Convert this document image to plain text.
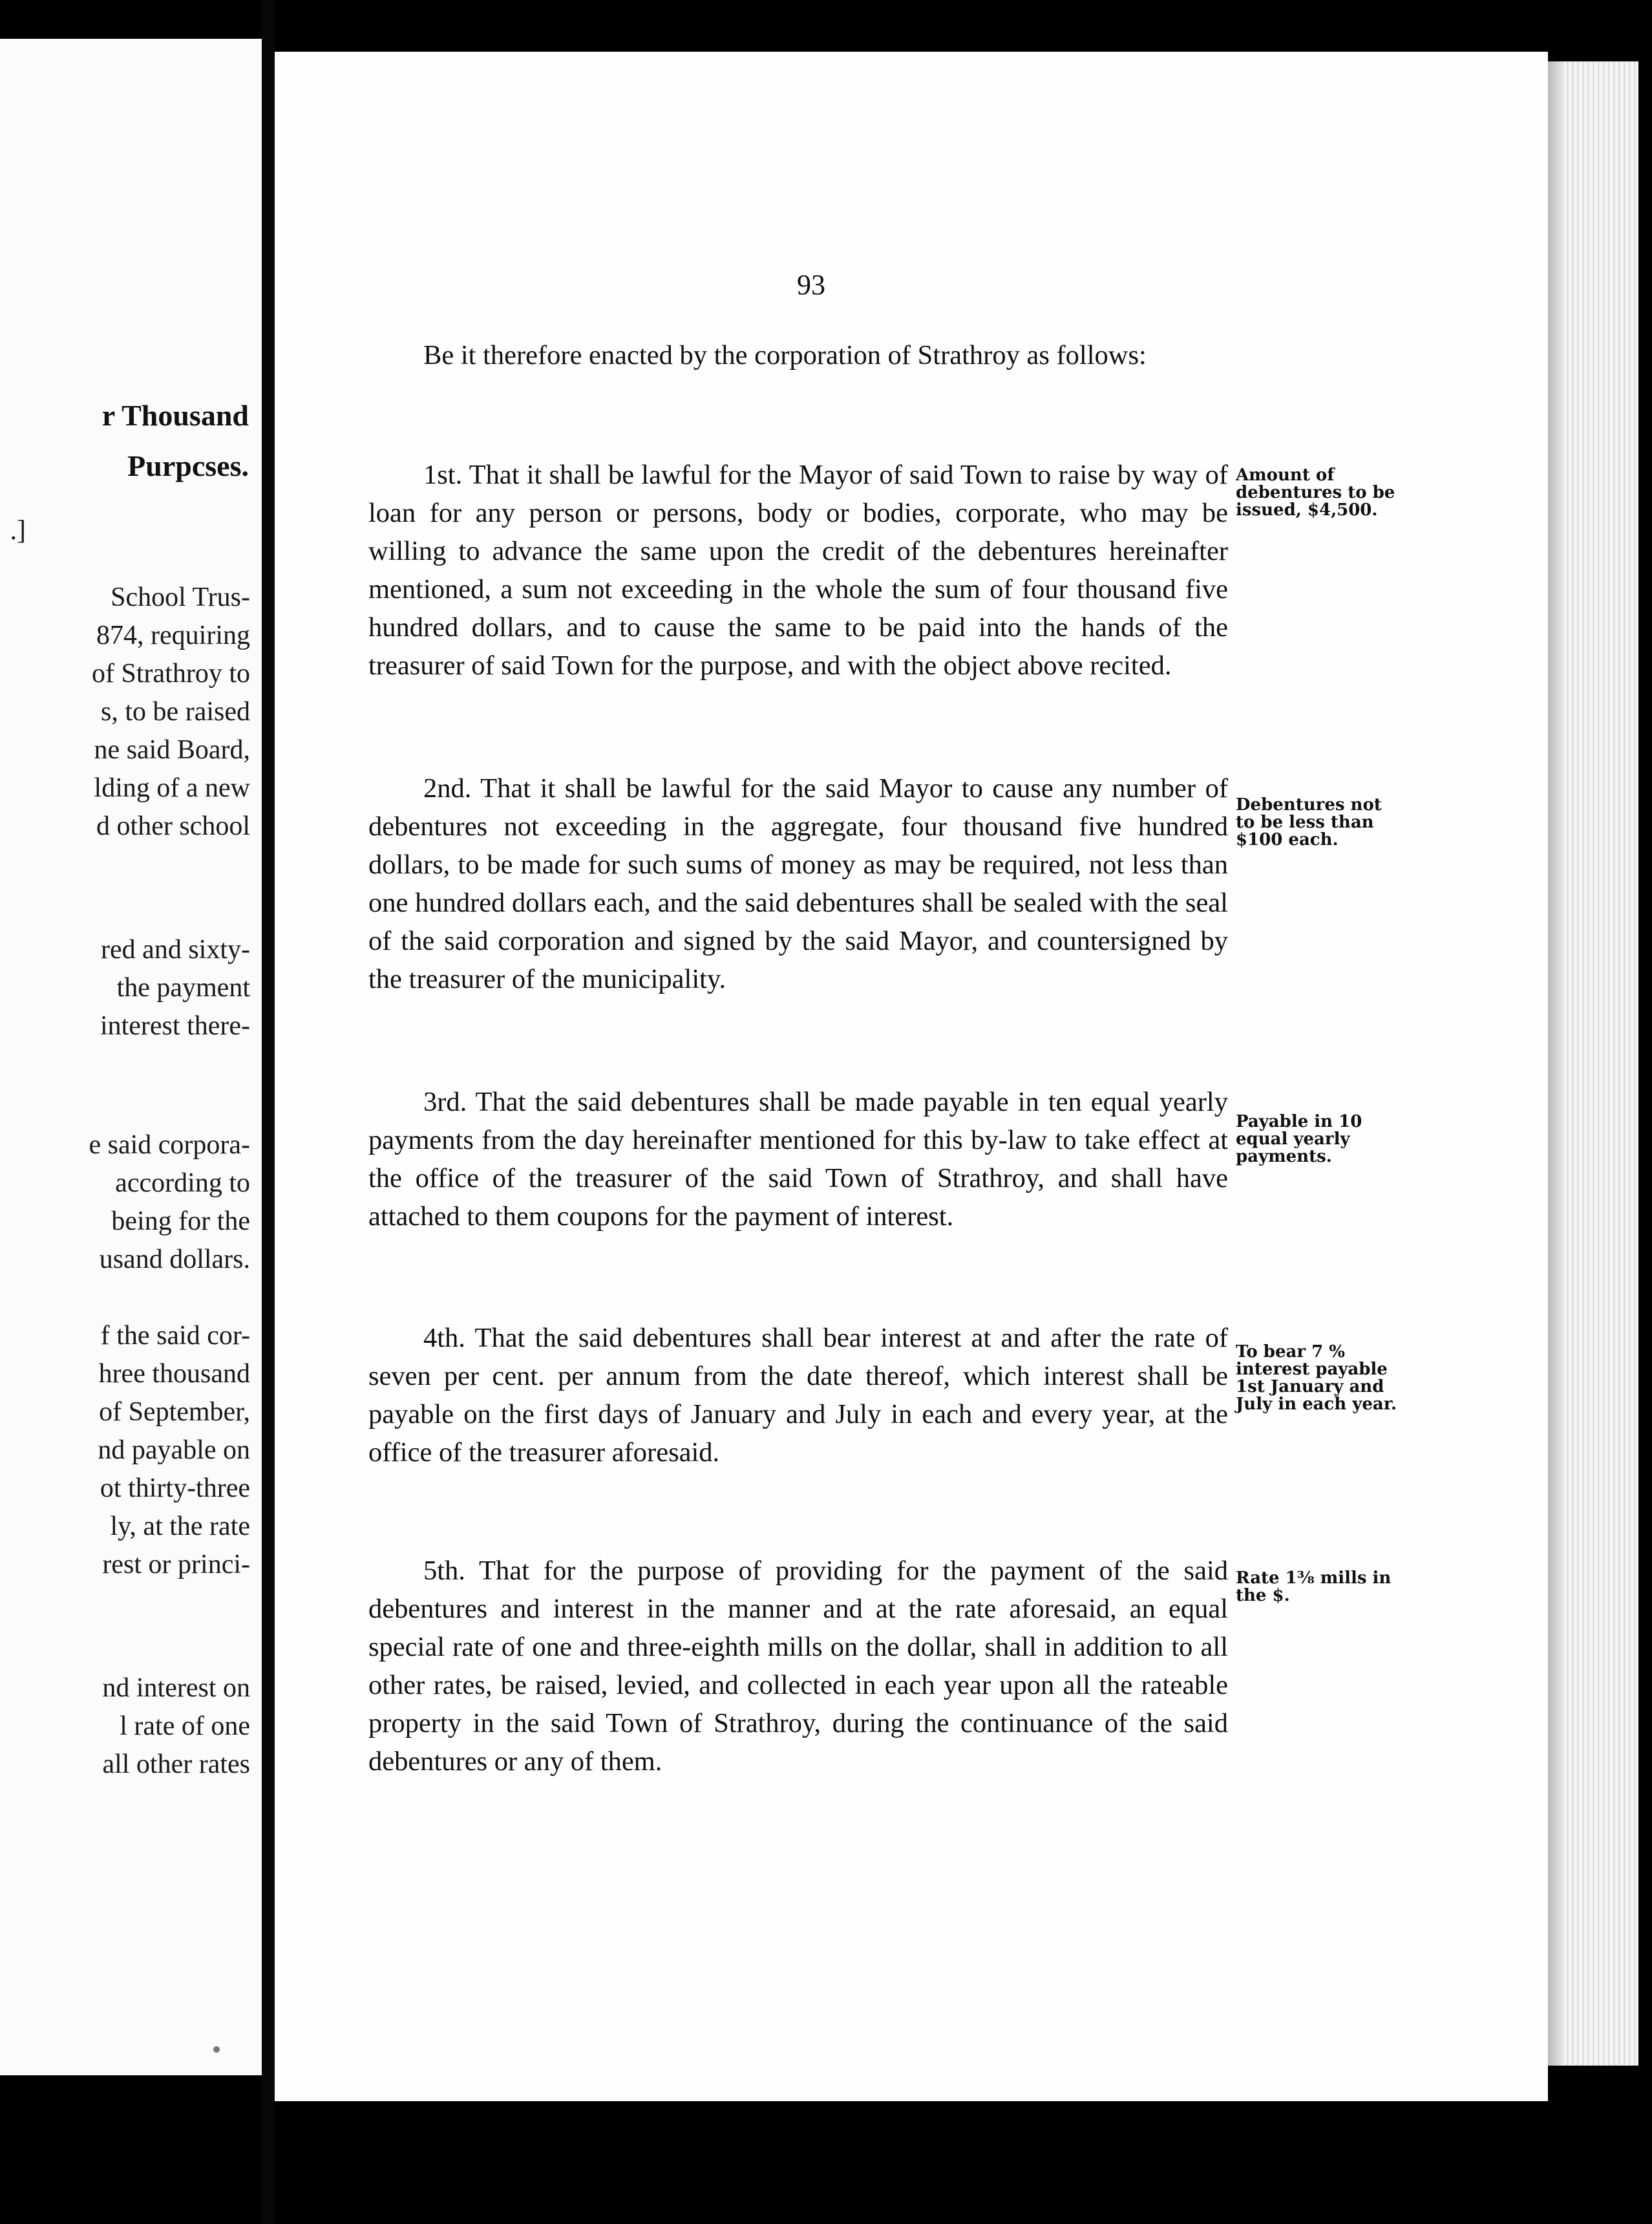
r Thousand
Purpcses.
.]
School Trus-
874, requiring
of Strathroy to
s, to be raised
ne said Board,
lding of a new
d other school
red and sixty-
the payment
interest there-
e said corpora-
according to
being for the
usand dollars.
f the said cor-
hree thousand
of September,
nd payable on
ot thirty-three
ly, at the rate
rest or princi-
nd interest on
l rate of one
all other rates
93

Be it therefore enacted by the corporation of Strathroy as follows:

1st. That it shall be lawful for the Mayor of said Town to raise by way of loan for any person or persons, body or bodies, corporate, who may be willing to advance the same upon the credit of the debentures hereinafter mentioned, a sum not exceeding in the whole the sum of four thousand five hundred dollars, and to cause the same to be paid into the hands of the treasurer of said Town for the purpose, and with the object above recited.

Amount of debentures to be issued, $4,500.

2nd. That it shall be lawful for the said Mayor to cause any number of debentures not exceeding in the aggregate, four thousand five hundred dollars, to be made for such sums of money as may be required, not less than one hundred dollars each, and the said debentures shall be sealed with the seal of the said corporation and signed by the said Mayor, and countersigned by the treasurer of the municipality.

Debentures not to be less than $100 each.

3rd. That the said debentures shall be made payable in ten equal yearly payments from the day hereinafter mentioned for this by-law to take effect at the office of the treasurer of the said Town of Strathroy, and shall have attached to them coupons for the payment of interest.

Payable in 10 equal yearly payments.

4th. That the said debentures shall bear interest at and after the rate of seven per cent. per annum from the date thereof, which interest shall be payable on the first days of January and July in each and every year, at the office of the treasurer aforesaid.

To bear 7 % interest payable 1st January and July in each year.

5th. That for the purpose of providing for the payment of the said debentures and interest in the manner and at the rate aforesaid, an equal special rate of one and three-eighth mills on the dollar, shall in addition to all other rates, be raised, levied, and collected in each year upon all the rateable property in the said Town of Strathroy, during the continuance of the said debentures or any of them.

Rate 1⅜ mills in the $.
